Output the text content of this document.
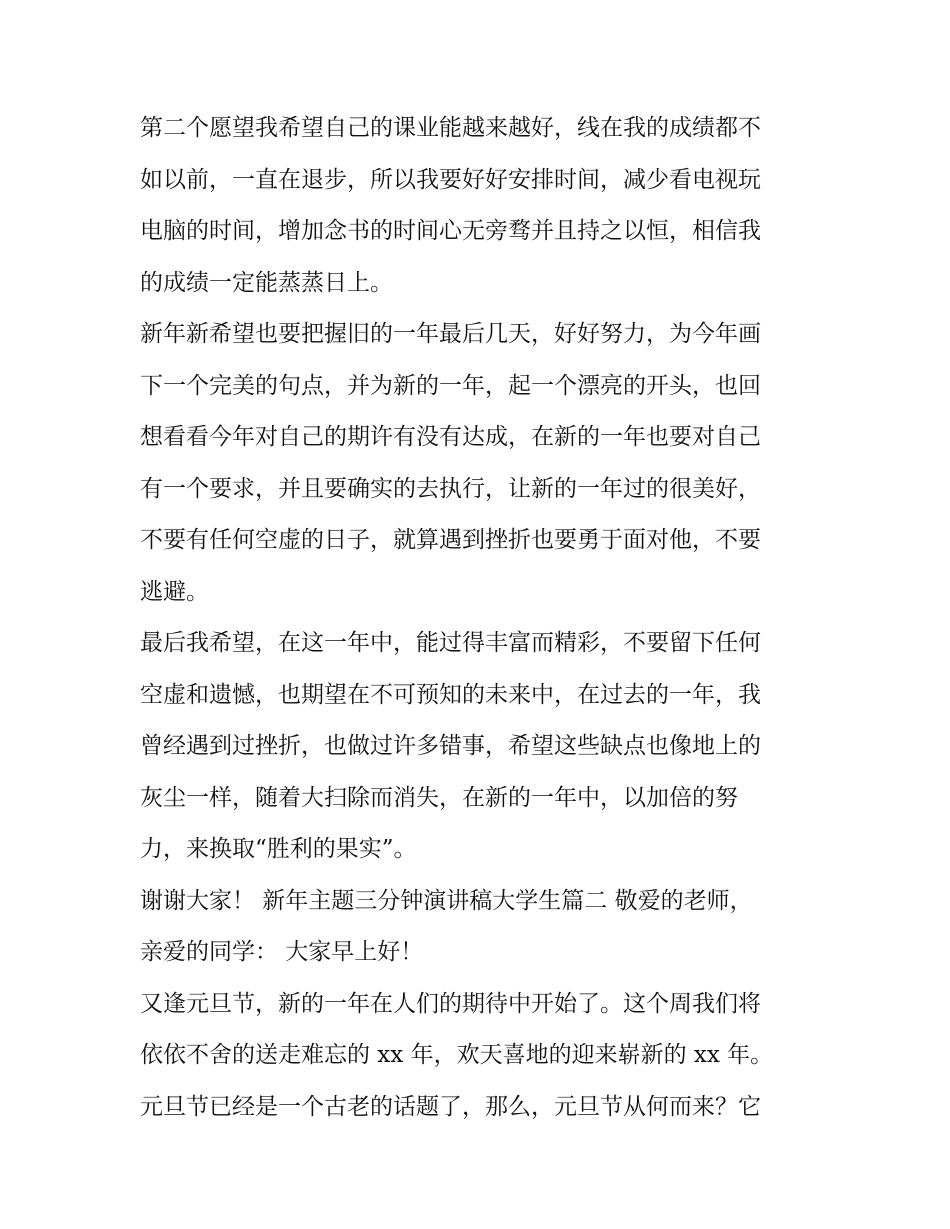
第二个愿望我希望自己的课业能越来越好，线在我的成绩都不
如以前，一直在退步，所以我要好好安排时间，减少看电视玩
电脑的时间，增加念书的时间心无旁骛并且持之以恒，相信我
的成绩一定能蒸蒸日上。
新年新希望也要把握旧的一年最后几天，好好努力，为今年画
下一个完美的句点，并为新的一年，起一个漂亮的开头，也回
想看看今年对自己的期许有没有达成，在新的一年也要对自己
有一个要求，并且要确实的去执行，让新的一年过的很美好，
不要有任何空虚的日子，就算遇到挫折也要勇于面对他，不要
逃避。
最后我希望，在这一年中，能过得丰富而精彩，不要留下任何
空虚和遗憾，也期望在不可预知的未来中，在过去的一年，我
曾经遇到过挫折，也做过许多错事，希望这些缺点也像地上的
灰尘一样，随着大扫除而消失，在新的一年中，以加倍的努
力，来换取“胜利的果实”。
谢谢大家！ 新年主题三分钟演讲稿大学生篇二 敬爱的老师，
亲爱的同学： 大家早上好！
又逢元旦节，新的一年在人们的期待中开始了。这个周我们将
依依不舍的送走难忘的 xx 年，欢天喜地的迎来崭新的 xx 年。
元旦节已经是一个古老的话题了，那么，元旦节从何而来？它
